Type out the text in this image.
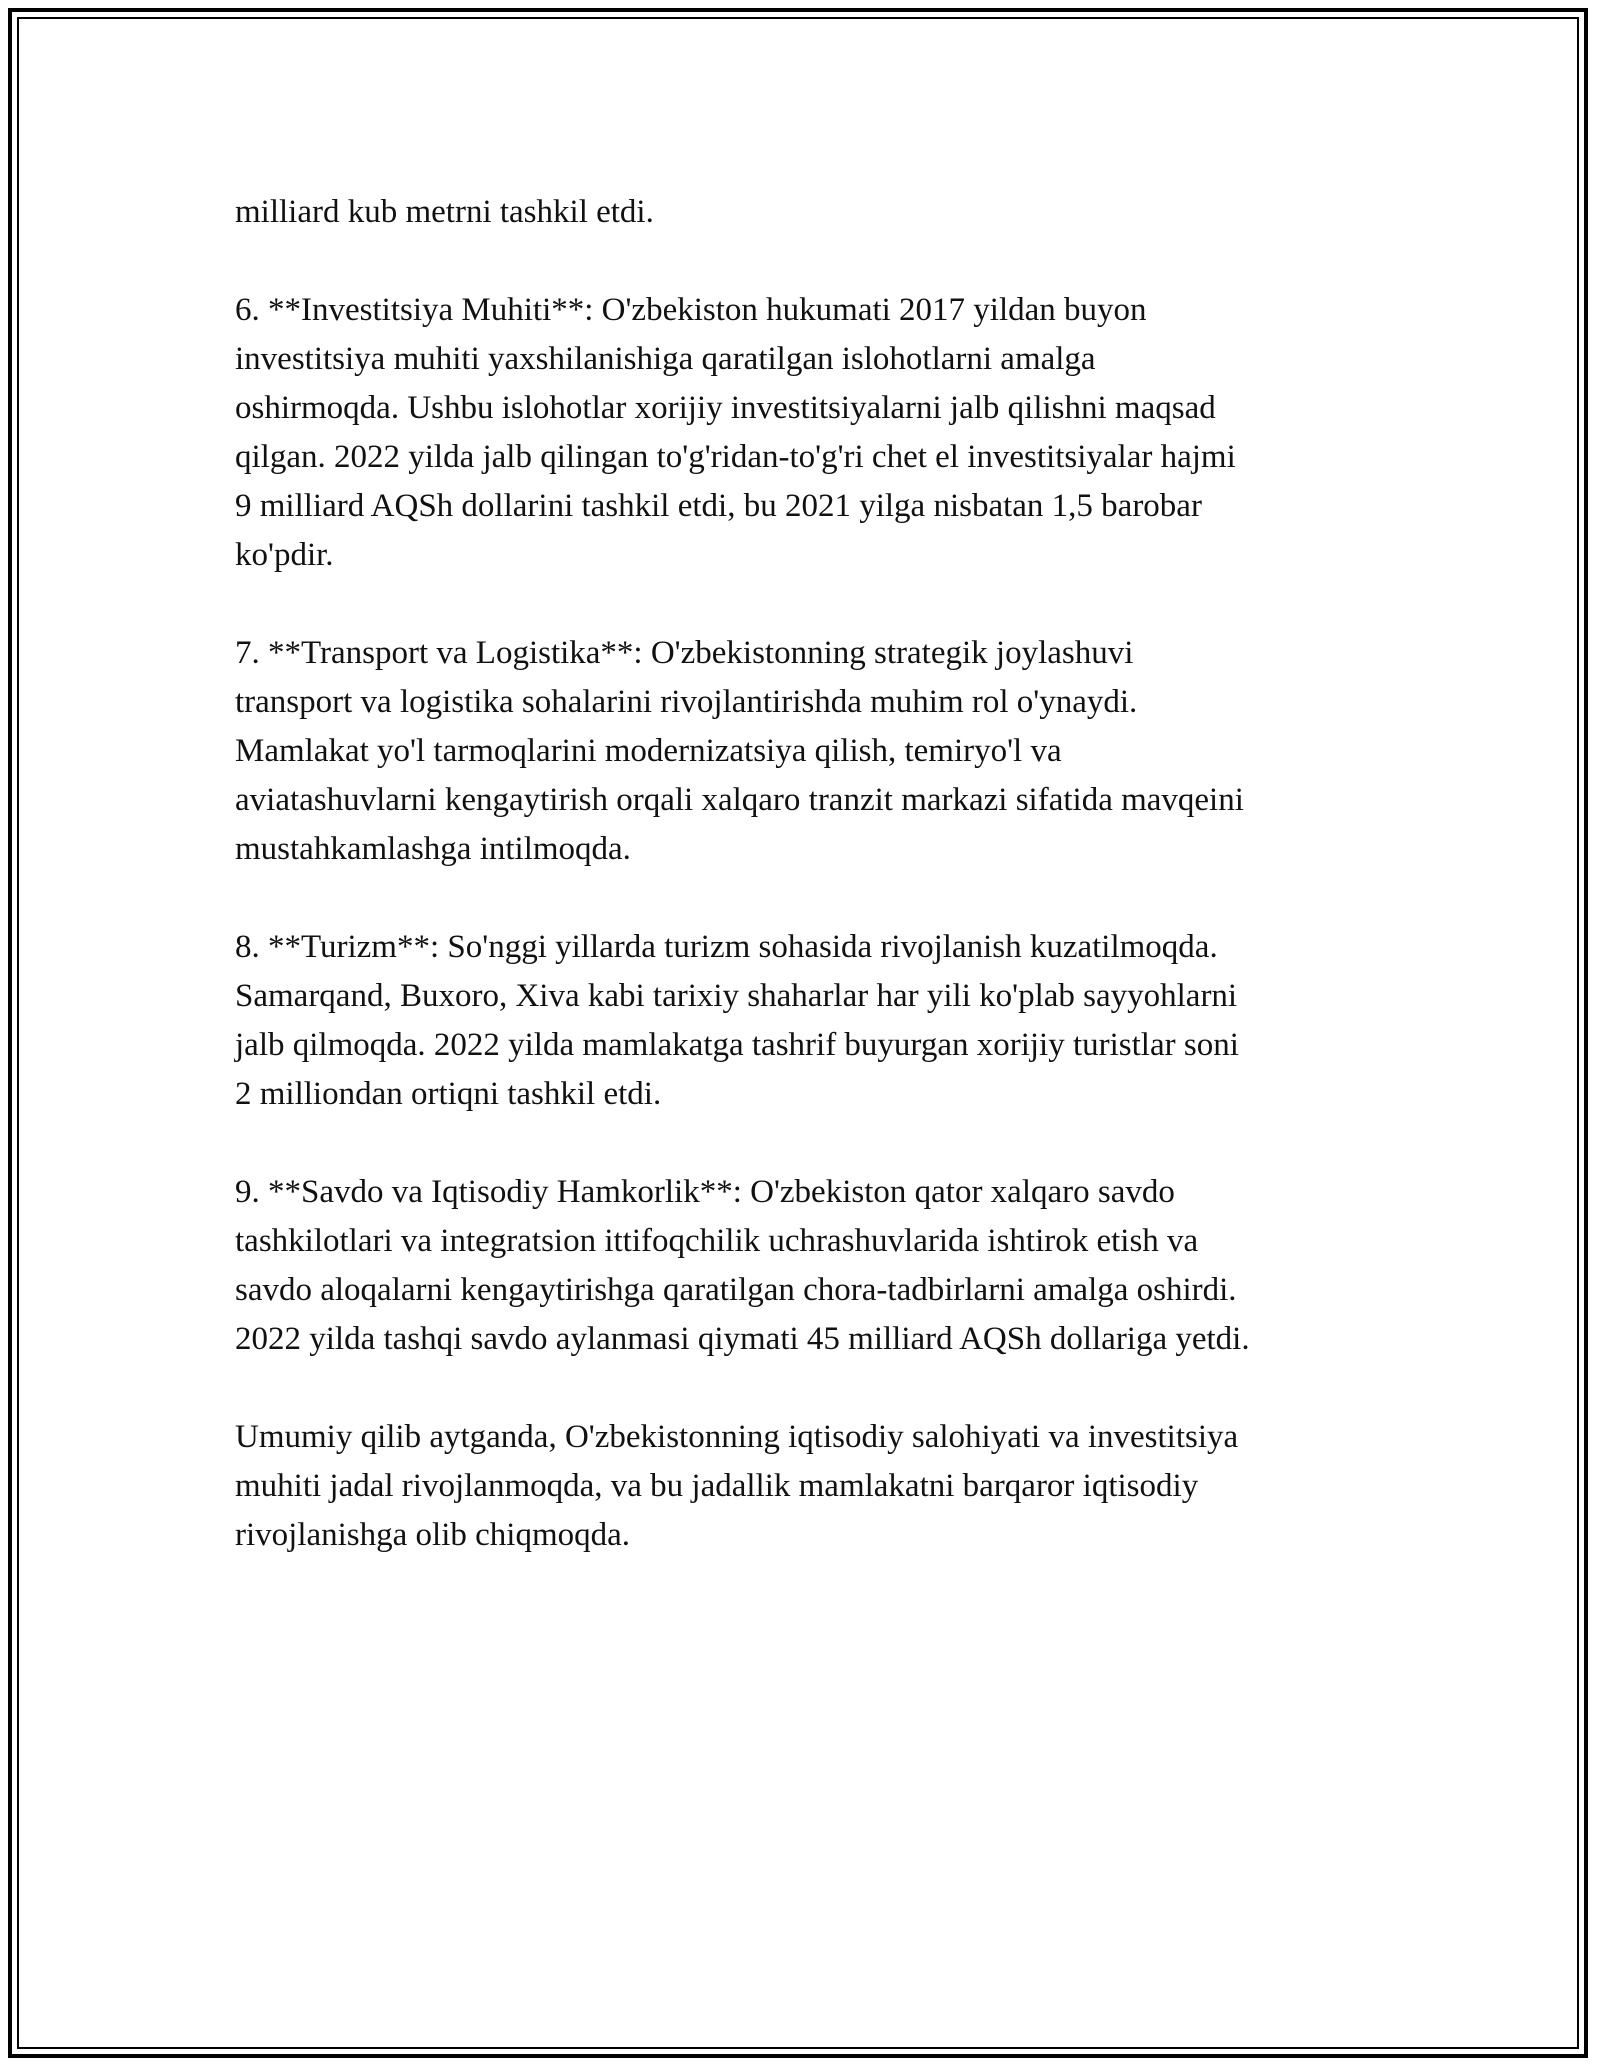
milliard kub metrni tashkil etdi.
6. **Investitsiya Muhiti**: O'zbekiston hukumati 2017 yildan buyon
investitsiya muhiti yaxshilanishiga qaratilgan islohotlarni amalga
oshirmoqda. Ushbu islohotlar xorijiy investitsiyalarni jalb qilishni maqsad
qilgan. 2022 yilda jalb qilingan to'g'ridan-to'g'ri chet el investitsiyalar hajmi
9 milliard AQSh dollarini tashkil etdi, bu 2021 yilga nisbatan 1,5 barobar
ko'pdir.
7. **Transport va Logistika**: O'zbekistonning strategik joylashuvi
transport va logistika sohalarini rivojlantirishda muhim rol o'ynaydi.
Mamlakat yo'l tarmoqlarini modernizatsiya qilish, temiryo'l va
aviatashuvlarni kengaytirish orqali xalqaro tranzit markazi sifatida mavqeini
mustahkamlashga intilmoqda.
8. **Turizm**: So'nggi yillarda turizm sohasida rivojlanish kuzatilmoqda.
Samarqand, Buxoro, Xiva kabi tarixiy shaharlar har yili ko'plab sayyohlarni
jalb qilmoqda. 2022 yilda mamlakatga tashrif buyurgan xorijiy turistlar soni
2 milliondan ortiqni tashkil etdi.
9. **Savdo va Iqtisodiy Hamkorlik**: O'zbekiston qator xalqaro savdo
tashkilotlari va integratsion ittifoqchilik uchrashuvlarida ishtirok etish va
savdo aloqalarni kengaytirishga qaratilgan chora-tadbirlarni amalga oshirdi.
2022 yilda tashqi savdo aylanmasi qiymati 45 milliard AQSh dollariga yetdi.
Umumiy qilib aytganda, O'zbekistonning iqtisodiy salohiyati va investitsiya
muhiti jadal rivojlanmoqda, va bu jadallik mamlakatni barqaror iqtisodiy
rivojlanishga olib chiqmoqda.
